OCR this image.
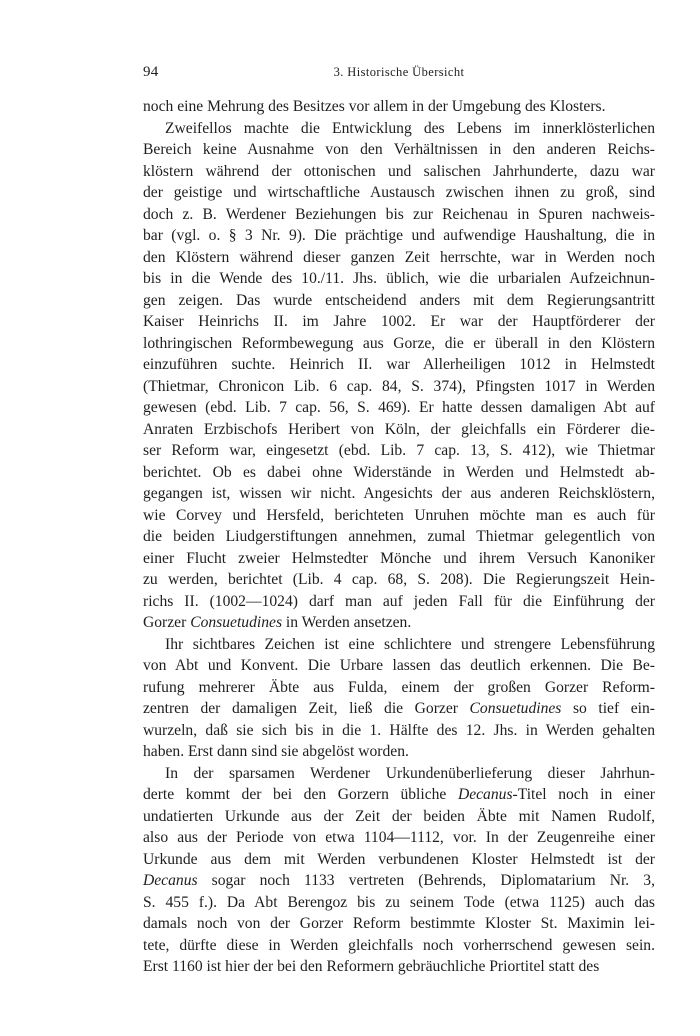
94	3. Historische Übersicht

noch eine Mehrung des Besitzes vor allem in der Umgebung des Klosters.

Zweifellos machte die Entwicklung des Lebens im innerklösterlichen
Bereich keine Ausnahme von den Verhältnissen in den anderen Reichs-
klöstern während der ottonischen und salischen Jahrhunderte, dazu war
der geistige und wirtschaftliche Austausch zwischen ihnen zu groß, sind
doch z. B. Werdener Beziehungen bis zur Reichenau in Spuren nachweis-
bar (vgl. o. § 3 Nr. 9). Die prächtige und aufwendige Haushaltung, die in
den Klöstern während dieser ganzen Zeit herrschte, war in Werden noch
bis in die Wende des 10./11. Jhs. üblich, wie die urbarialen Aufzeichnun-
gen zeigen. Das wurde entscheidend anders mit dem Regierungsantritt
Kaiser Heinrichs II. im Jahre 1002. Er war der Hauptförderer der
lothringischen Reformbewegung aus Gorze, die er überall in den Klöstern
einzuführen suchte. Heinrich II. war Allerheiligen 1012 in Helmstedt
(Thietmar, Chronicon Lib. 6 cap. 84, S. 374), Pfingsten 1017 in Werden
gewesen (ebd. Lib. 7 cap. 56, S. 469). Er hatte dessen damaligen Abt auf
Anraten Erzbischofs Heribert von Köln, der gleichfalls ein Förderer die-
ser Reform war, eingesetzt (ebd. Lib. 7 cap. 13, S. 412), wie Thietmar
berichtet. Ob es dabei ohne Widerstände in Werden und Helmstedt ab-
gegangen ist, wissen wir nicht. Angesichts der aus anderen Reichsklöstern,
wie Corvey und Hersfeld, berichteten Unruhen möchte man es auch für
die beiden Liudgerstiftungen annehmen, zumal Thietmar gelegentlich von
einer Flucht zweier Helmstedter Mönche und ihrem Versuch Kanoniker
zu werden, berichtet (Lib. 4 cap. 68, S. 208). Die Regierungszeit Hein-
richs II. (1002—1024) darf man auf jeden Fall für die Einführung der
Gorzer Consuetudines in Werden ansetzen.

Ihr sichtbares Zeichen ist eine schlichtere und strengere Lebensführung
von Abt und Konvent. Die Urbare lassen das deutlich erkennen. Die Be-
rufung mehrerer Äbte aus Fulda, einem der großen Gorzer Reform-
zentren der damaligen Zeit, ließ die Gorzer Consuetudines so tief ein-
wurzeln, daß sie sich bis in die 1. Hälfte des 12. Jhs. in Werden gehalten
haben. Erst dann sind sie abgelöst worden.

In der sparsamen Werdener Urkundenüberlieferung dieser Jahrhun-
derte kommt der bei den Gorzern übliche Decanus-Titel noch in einer
undatierten Urkunde aus der Zeit der beiden Äbte mit Namen Rudolf,
also aus der Periode von etwa 1104—1112, vor. In der Zeugenreihe einer
Urkunde aus dem mit Werden verbundenen Kloster Helmstedt ist der
Decanus sogar noch 1133 vertreten (Behrends, Diplomatarium Nr. 3,
S. 455 f.). Da Abt Berengoz bis zu seinem Tode (etwa 1125) auch das
damals noch von der Gorzer Reform bestimmte Kloster St. Maximin lei-
tete, dürfte diese in Werden gleichfalls noch vorherrschend gewesen sein.
Erst 1160 ist hier der bei den Reformern gebräuchliche Priortitel statt des
